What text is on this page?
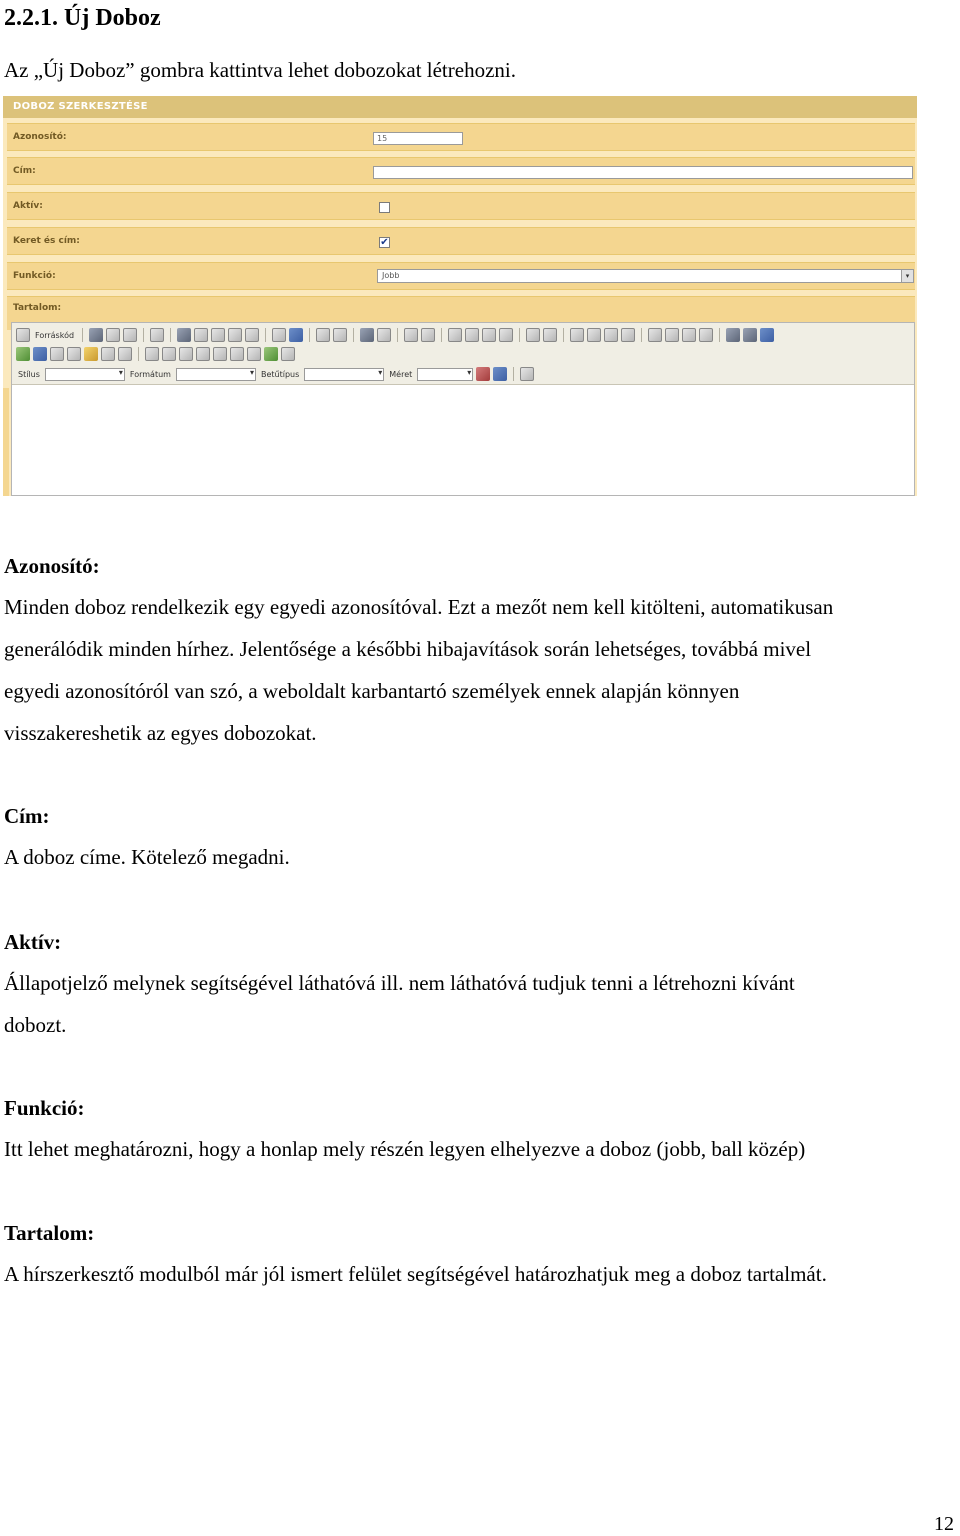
2.2.1. Új Doboz
Az „Új Doboz” gombra kattintva lehet dobozokat létrehozni.
DOBOZ SZERKESZTÉSE
Azonosító:	15
Cím:
Aktív:
Keret és cím:	✔
Funkció:	Jobb	▾
Tartalom:
Forráskód
Stílus ▾	Formátum ▾	Betűtípus ▾	Méret
▾
Azonosító:
Minden doboz rendelkezik egy egyedi azonosítóval. Ezt a mezőt nem kell kitölteni, automatikusan
generálódik minden hírhez. Jelentősége a későbbi hibajavítások során lehetséges, továbbá mivel
egyedi azonosítóról van szó, a weboldalt karbantartó személyek ennek alapján könnyen
visszakereshetik az egyes dobozokat.
Cím:
A doboz címe. Kötelező megadni.
Aktív:
Állapotjelző melynek segítségével láthatóvá ill. nem láthatóvá tudjuk tenni a létrehozni kívánt
dobozt.
Funkció:
Itt lehet meghatározni, hogy a honlap mely részén legyen elhelyezve a doboz (jobb, ball közép)
Tartalom:
A hírszerkesztő modulból már jól ismert felület segítségével határozhatjuk meg a doboz tartalmát.
12
